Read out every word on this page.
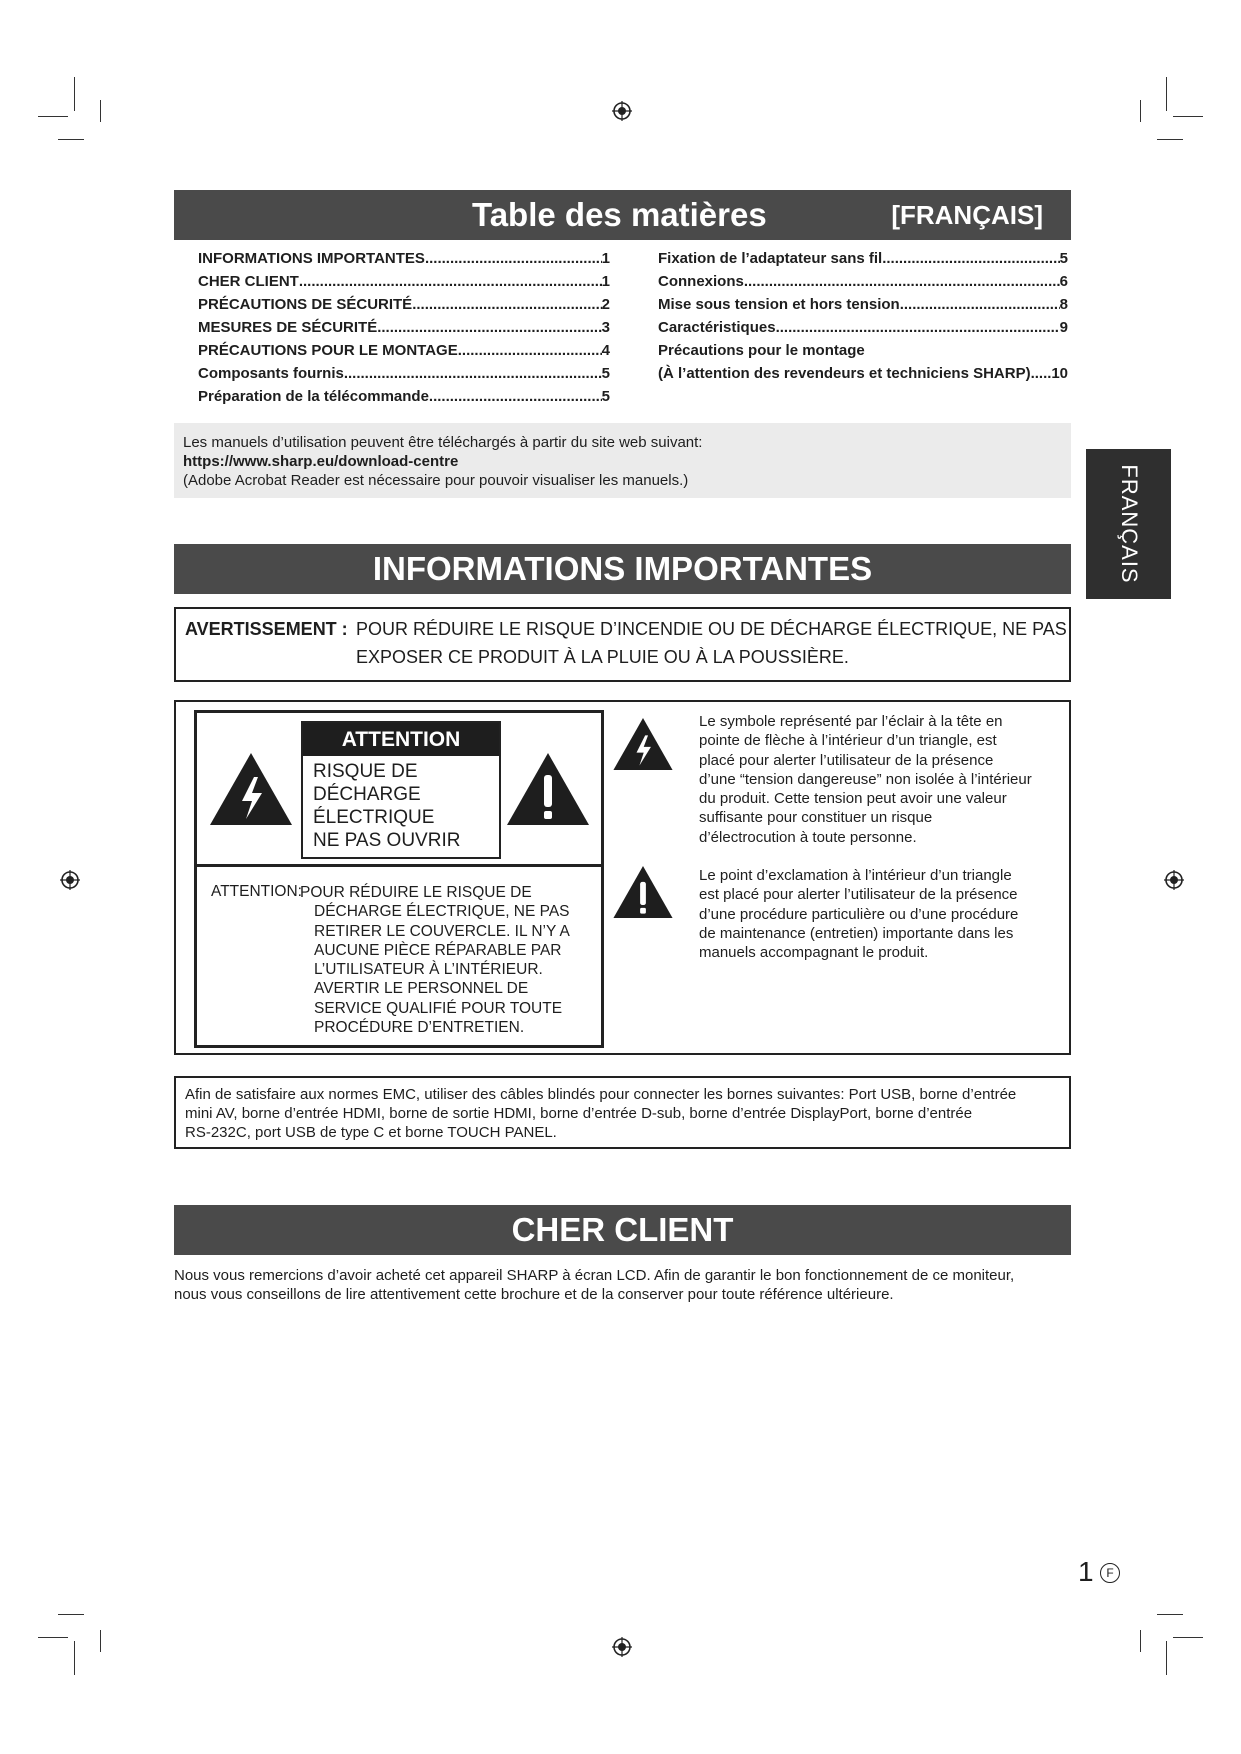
Table des matières	[FRANÇAIS]
INFORMATIONS IMPORTANTES .....	1
CHER CLIENT .....	1
PRÉCAUTIONS DE SÉCURITÉ .....	2
MESURES DE SÉCURITÉ .....	3
PRÉCAUTIONS POUR LE MONTAGE .....	4
Composants fournis .....	5
Préparation de la télécommande .....	5
Fixation de l’adaptateur sans fil .....	5
Connexions .....	6
Mise sous tension et hors tension .....	8
Caractéristiques .....	9
Précautions pour le montage
(À l’attention des revendeurs et techniciens SHARP) ..... 10
Les manuels d’utilisation peuvent être téléchargés à partir du site web suivant:
https://www.sharp.eu/download-centre
(Adobe Acrobat Reader est nécessaire pour pouvoir visualiser les manuels.)	FRANÇAIS
INFORMATIONS IMPORTANTES
AVERTISSEMENT : POUR RÉDUIRE LE RISQUE D’INCENDIE OU DE DÉCHARGE ÉLECTRIQUE, NE PAS
EXPOSER CE PRODUIT À LA PLUIE OU À LA POUSSIÈRE.
ATTENTION
RISQUE DE
DÉCHARGE
ÉLECTRIQUE
NE PAS OUVRIR
ATTENTION:
POUR RÉDUIRE LE RISQUE DE
DÉCHARGE ÉLECTRIQUE, NE PAS
RETIRER LE COUVERCLE. IL N’Y A
AUCUNE PIÈCE RÉPARABLE PAR
L’UTILISATEUR À L’INTÉRIEUR.
AVERTIR LE PERSONNEL DE
SERVICE QUALIFIÉ POUR TOUTE
PROCÉDURE D’ENTRETIEN.
Le symbole représenté par l’éclair à la tête en
pointe de flèche à l’intérieur d’un triangle, est
placé pour alerter l’utilisateur de la présence
d’une “tension dangereuse” non isolée à l’intérieur
du produit. Cette tension peut avoir une valeur
suffisante pour constituer un risque
d’électrocution à toute personne.
Le point d’exclamation à l’intérieur d’un triangle
est placé pour alerter l’utilisateur de la présence
d’une procédure particulière ou d’une procédure
de maintenance (entretien) importante dans les
manuels accompagnant le produit.
Afin de satisfaire aux normes EMC, utiliser des câbles blindés pour connecter les bornes suivantes: Port USB, borne d’entrée
mini AV, borne d’entrée HDMI, borne de sortie HDMI, borne d’entrée D-sub, borne d’entrée DisplayPort, borne d’entrée
RS-232C, port USB de type C et borne TOUCH PANEL.
CHER CLIENT
Nous vous remercions d’avoir acheté cet appareil SHARP à écran LCD. Afin de garantir le bon fonctionnement de ce moniteur,
nous vous conseillons de lire attentivement cette brochure et de la conserver pour toute référence ultérieure.
1	F
